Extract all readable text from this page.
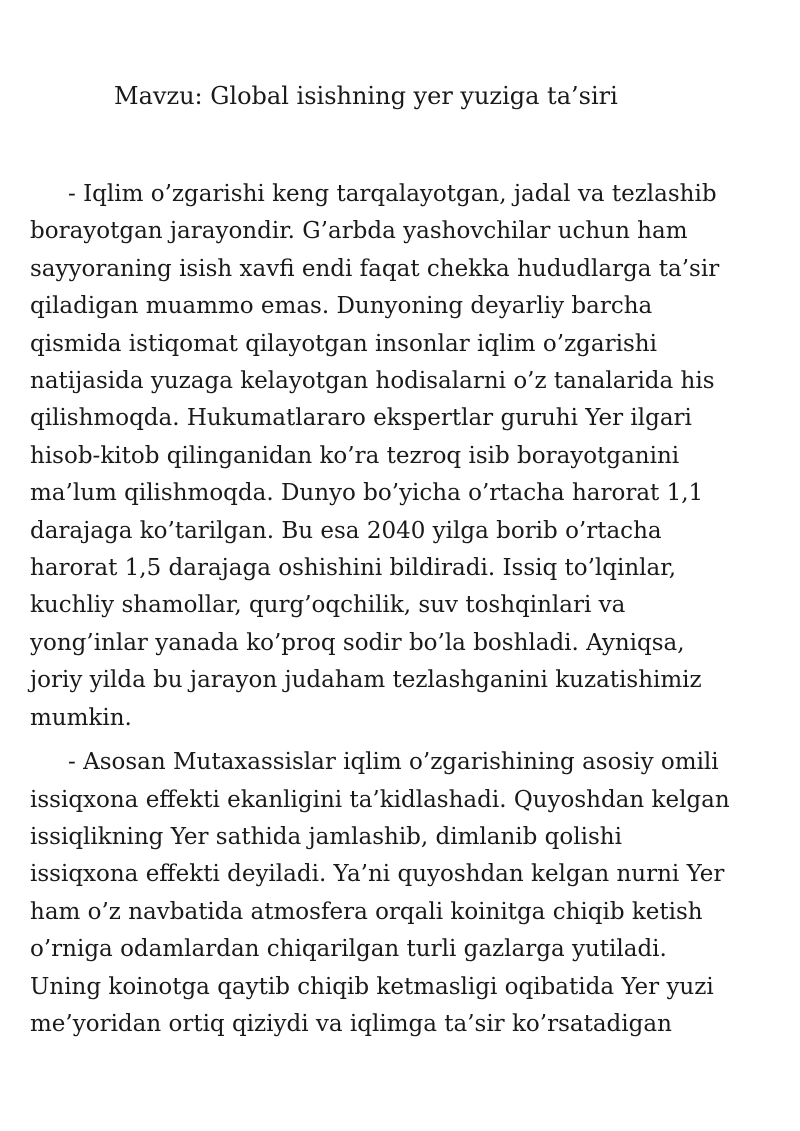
Mavzu: Global isishning yer yuziga ta’siri

- Iqlim o’zgarishi keng tarqalayotgan, jadal va tezlashib
borayotgan jarayondir. G’arbda yashovchilar uchun ham
sayyoraning isish xavfi endi faqat chekka hududlarga ta’sir
qiladigan muammo emas. Dunyoning deyarliy barcha
qismida istiqomat qilayotgan insonlar iqlim o’zgarishi
natijasida yuzaga kelayotgan hodisalarni o’z tanalarida his
qilishmoqda. Hukumatlararo ekspertlar guruhi Yer ilgari
hisob-kitob qilinganidan ko’ra tezroq isib borayotganini
ma’lum qilishmoqda. Dunyo bo’yicha o’rtacha harorat 1,1
darajaga ko’tarilgan. Bu esa 2040 yilga borib o’rtacha
harorat 1,5 darajaga oshishini bildiradi. Issiq to’lqinlar,
kuchliy shamollar, qurg’oqchilik, suv toshqinlari va
yong’inlar yanada ko’proq sodir bo’la boshladi. Ayniqsa,
joriy yilda bu jarayon judaham tezlashganini kuzatishimiz
mumkin.

- Asosan Mutaxassislar iqlim o’zgarishining asosiy omili
issiqxona effekti ekanligini ta’kidlashadi. Quyoshdan kelgan
issiqlikning Yer sathida jamlashib, dimlanib qolishi
issiqxona effekti deyiladi. Ya’ni quyoshdan kelgan nurni Yer
ham o’z navbatida atmosfera orqali koinitga chiqib ketish
o’rniga odamlardan chiqarilgan turli gazlarga yutiladi.
Uning koinotga qaytib chiqib ketmasligi oqibatida Yer yuzi
me’yoridan ortiq qiziydi va iqlimga ta’sir ko’rsatadigan
